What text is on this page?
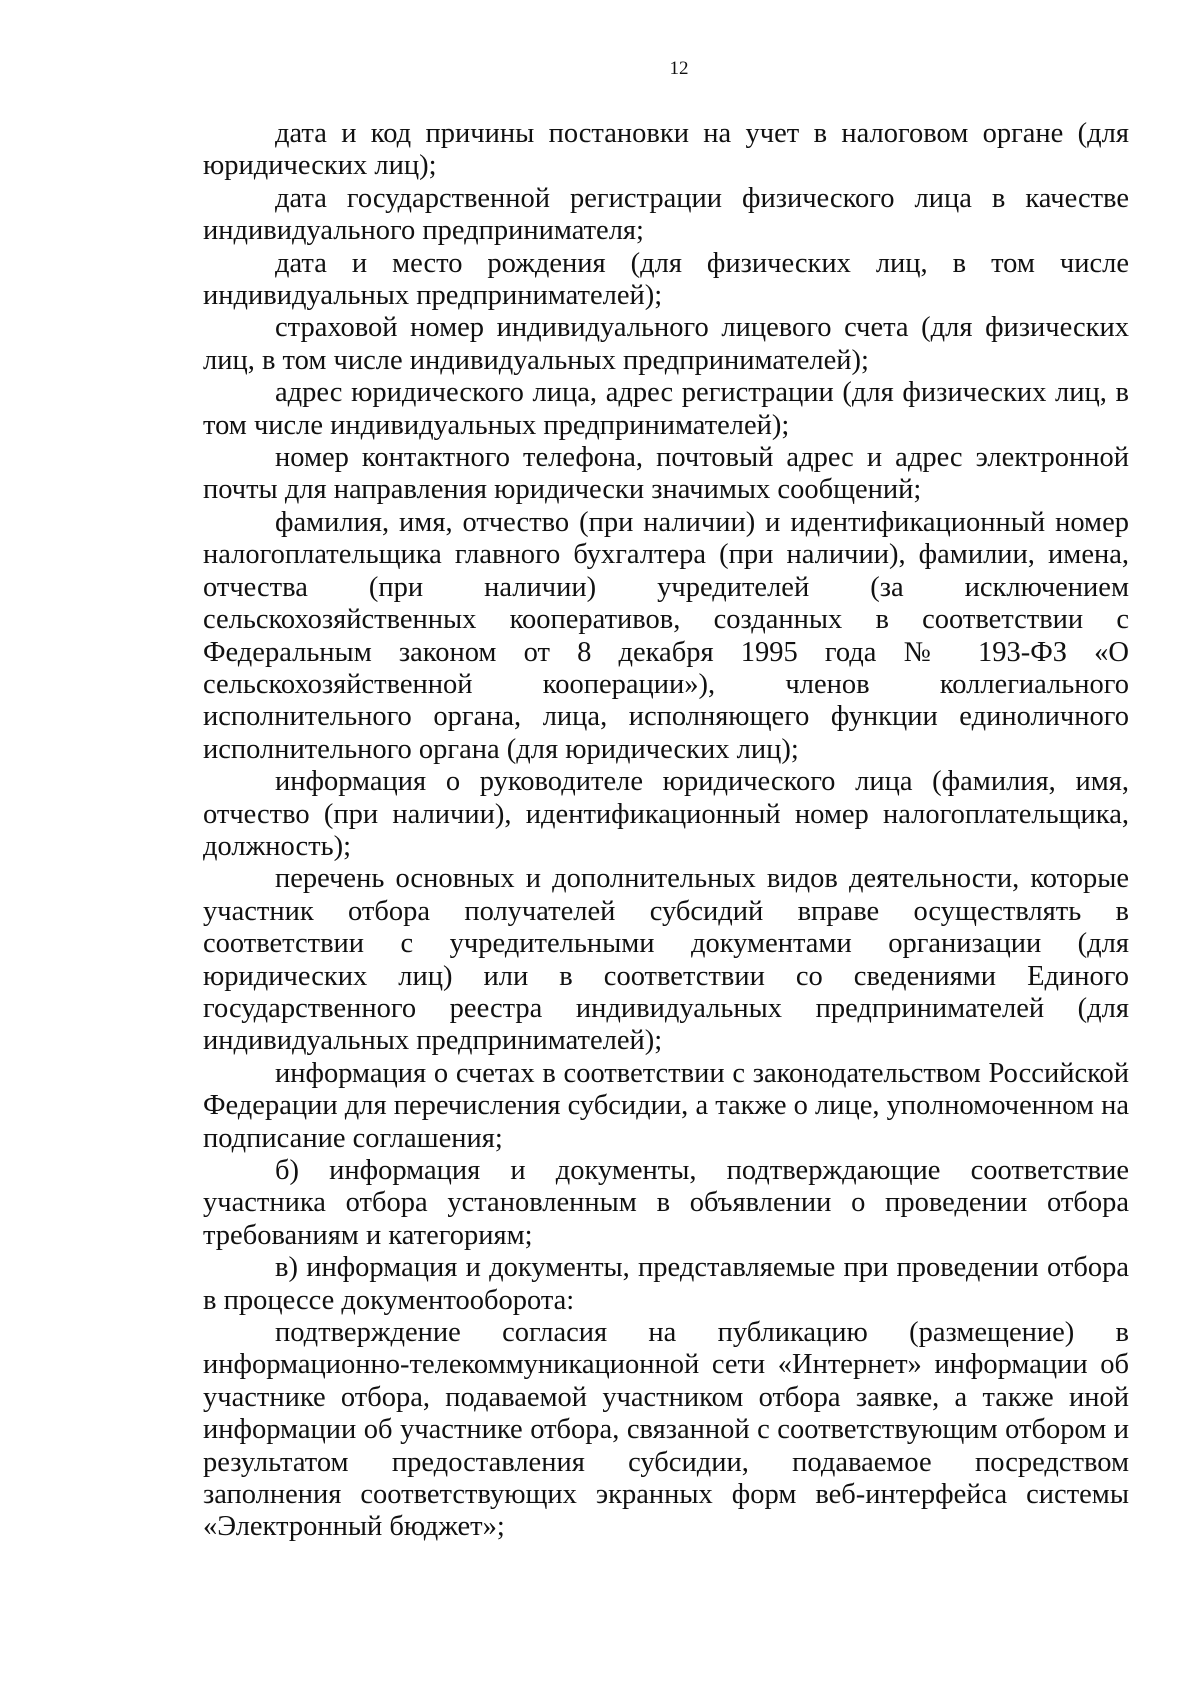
12

дата и код причины постановки на учет в налоговом органе (для юридических лиц);

дата государственной регистрации физического лица в качестве индивидуального предпринимателя;

дата и место рождения (для физических лиц, в том числе индивидуальных предпринимателей);

страховой номер индивидуального лицевого счета (для физических лиц, в том числе индивидуальных предпринимателей);

адрес юридического лица, адрес регистрации (для физических лиц, в том числе индивидуальных предпринимателей);

номер контактного телефона, почтовый адрес и адрес электронной почты для направления юридически значимых сообщений;

фамилия, имя, отчество (при наличии) и идентификационный номер налогоплательщика главного бухгалтера (при наличии), фамилии, имена, отчества (при наличии) учредителей (за исключением сельскохозяйственных кооперативов, созданных в соответствии с Федеральным законом от 8 декабря 1995 года № 193-ФЗ «О сельскохозяйственной кооперации»), членов коллегиального исполнительного органа, лица, исполняющего функции единоличного исполнительного органа (для юридических лиц);

информация о руководителе юридического лица (фамилия, имя, отчество (при наличии), идентификационный номер налогоплательщика, должность);

перечень основных и дополнительных видов деятельности, которые участник отбора получателей субсидий вправе осуществлять в соответствии с учредительными документами организации (для юридических лиц) или в соответствии со сведениями Единого государственного реестра индивидуальных предпринимателей (для индивидуальных предпринимателей);

информация о счетах в соответствии с законодательством Российской Федерации для перечисления субсидии, а также о лице, уполномоченном на подписание соглашения;

б) информация и документы, подтверждающие соответствие участника отбора установленным в объявлении о проведении отбора требованиям и категориям;

в) информация и документы, представляемые при проведении отбора в процессе документооборота:

подтверждение согласия на публикацию (размещение) в информационно-телекоммуникационной сети «Интернет» информации об участнике отбора, подаваемой участником отбора заявке, а также иной информации об участнике отбора, связанной с соответствующим отбором и результатом предоставления субсидии, подаваемое посредством заполнения соответствующих экранных форм веб-интерфейса системы «Электронный бюджет»;
